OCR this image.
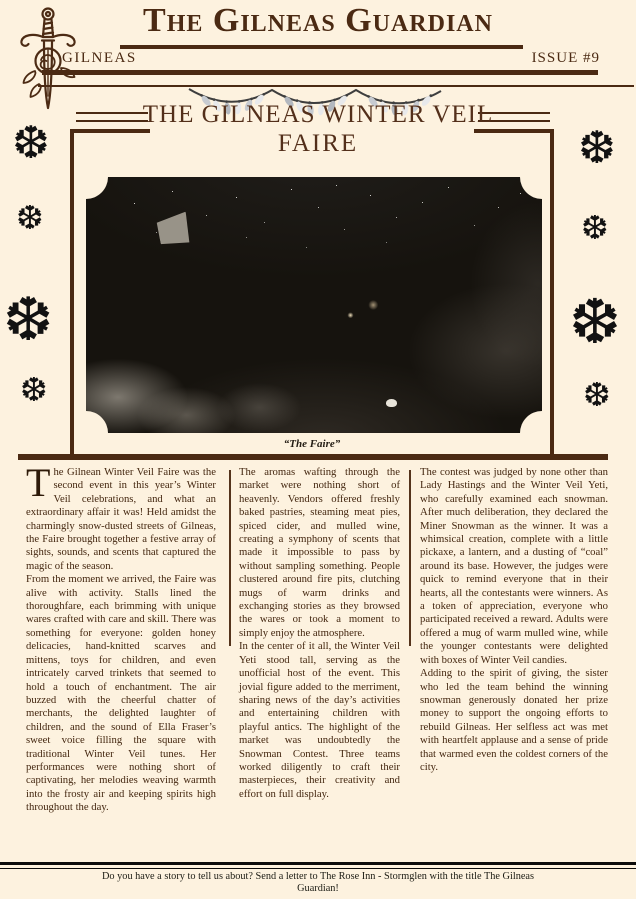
The Gilneas Guardian
GILNEAS	ISSUE #9
❆
❆
❆
❆
❆
❆
❆
❆
THE GILNEAS WINTER VEIL
FAIRE
“The Faire”

The Gilnean Winter Veil Faire was the second event in this year’s Winter Veil celebrations, and what an extraordinary affair it was! Held amidst the charmingly snow-dusted streets of Gilneas, the Faire brought together a festive array of sights, sounds, and scents that captured the magic of the season.

From the moment we arrived, the Faire was alive with activity. Stalls lined the thoroughfare, each brimming with unique wares crafted with care and skill. There was something for everyone: golden honey delicacies, hand-knitted scarves and mittens, toys for children, and even intricately carved trinkets that seemed to hold a touch of enchantment. The air buzzed with the cheerful chatter of merchants, the delighted laughter of children, and the sound of Ella Fraser’s sweet voice filling the square with traditional Winter Veil tunes. Her performances were nothing short of captivating, her melodies weaving warmth into the frosty air and keeping spirits high throughout the day.

The aromas wafting through the market were nothing short of heavenly. Vendors offered freshly baked pastries, steaming meat pies, spiced cider, and mulled wine, creating a symphony of scents that made it impossible to pass by without sampling something. People clustered around fire pits, clutching mugs of warm drinks and exchanging stories as they browsed the wares or took a moment to simply enjoy the atmosphere.

In the center of it all, the Winter Veil Yeti stood tall, serving as the unofficial host of the event. This jovial figure added to the merriment, sharing news of the day’s activities and entertaining children with playful antics. The highlight of the market was undoubtedly the Snowman Contest. Three teams worked diligently to craft their masterpieces, their creativity and effort on full display.

The contest was judged by none other than Lady Hastings and the Winter Veil Yeti, who carefully examined each snowman. After much deliberation, they declared the Miner Snowman as the winner. It was a whimsical creation, complete with a little pickaxe, a lantern, and a dusting of “coal” around its base. However, the judges were quick to remind everyone that in their hearts, all the contestants were winners. As a token of appreciation, everyone who participated received a reward. Adults were offered a mug of warm mulled wine, while the younger contestants were delighted with boxes of Winter Veil candies.

Adding to the spirit of giving, the sister who led the team behind the winning snowman generously donated her prize money to support the ongoing efforts to rebuild Gilneas. Her selfless act was met with heartfelt applause and a sense of pride that warmed even the coldest corners of the city.

Do you have a story to tell us about? Send a letter to The Rose Inn - Stormglen with the title The Gilneas Guardian!
